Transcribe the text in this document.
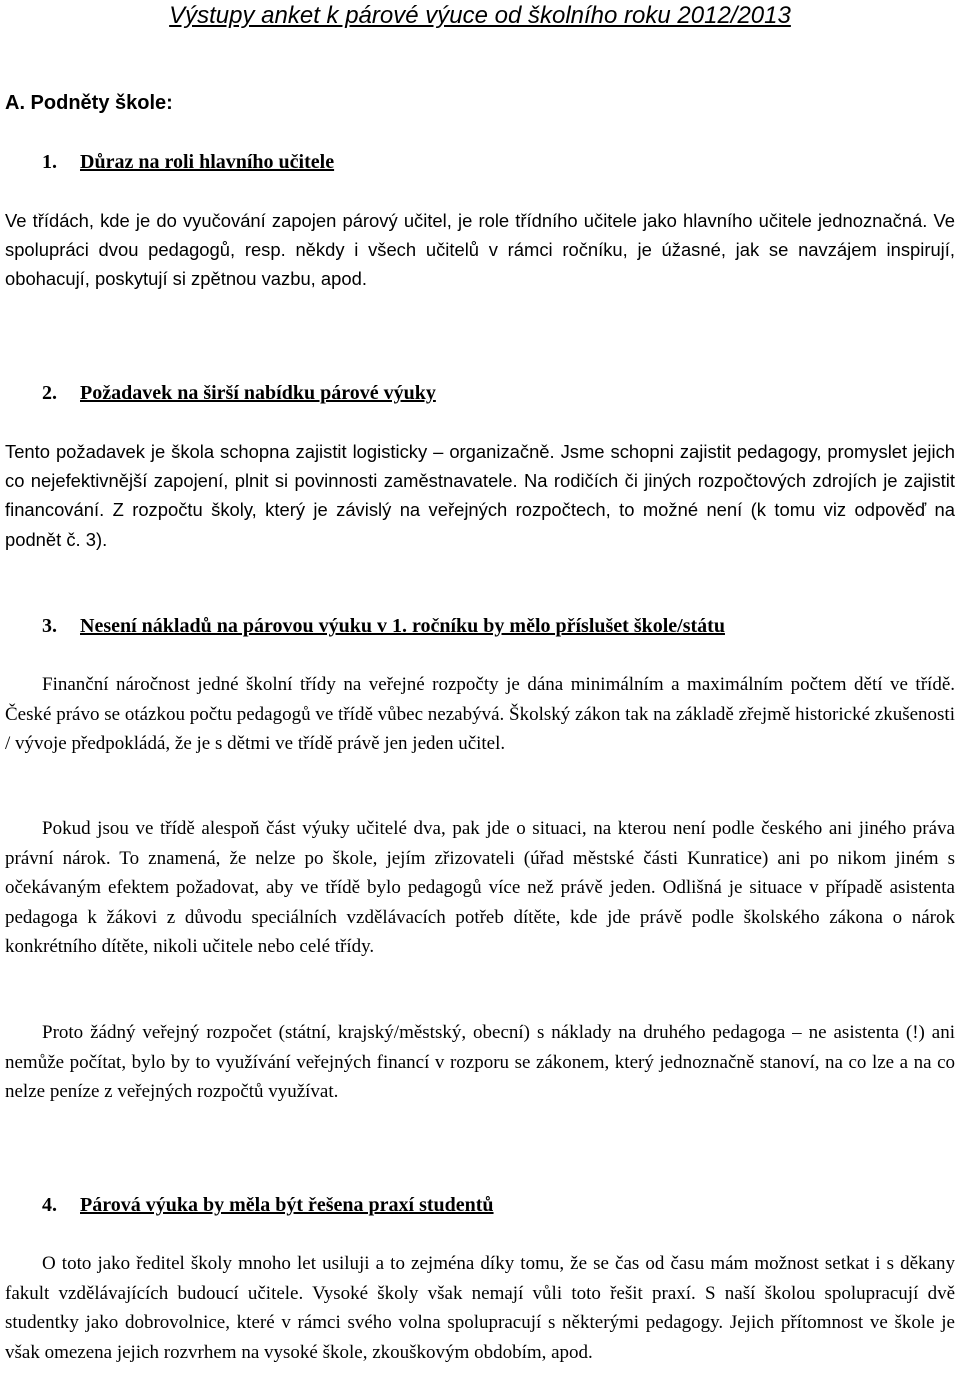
Výstupy anket k párové výuce od školního roku 2012/2013
A. Podněty škole:
1. Důraz na roli hlavního učitele
Ve třídách, kde je do vyučování zapojen párový učitel, je role třídního učitele jako hlavního učitele jednoznačná. Ve spolupráci dvou pedagogů, resp. někdy i všech učitelů v rámci ročníku, je úžasné, jak se navzájem inspirují, obohacují, poskytují si zpětnou vazbu, apod.
2. Požadavek na širší nabídku párové výuky
Tento požadavek je škola schopna zajistit logisticky – organizačně. Jsme schopni zajistit pedagogy, promyslet jejich co nejefektivnější zapojení, plnit si povinnosti zaměstnavatele. Na rodičích či jiných rozpočtových zdrojích je zajistit financování. Z rozpočtu školy, který je závislý na veřejných rozpočtech, to možné není (k tomu viz odpověď na podnět č. 3).
3. Nesení nákladů na párovou výuku v 1. ročníku by mělo příslušet škole/státu
Finanční náročnost jedné školní třídy na veřejné rozpočty je dána minimálním a maximálním počtem dětí ve třídě. České právo se otázkou počtu pedagogů ve třídě vůbec nezabývá. Školský zákon tak na základě zřejmě historické zkušenosti / vývoje předpokládá, že je s dětmi ve třídě právě jen jeden učitel.
Pokud jsou ve třídě alespoň část výuky učitelé dva, pak jde o situaci, na kterou není podle českého ani jiného práva právní nárok. To znamená, že nelze po škole, jejím zřizovateli (úřad městské části Kunratice) ani po nikom jiném s očekávaným efektem požadovat, aby ve třídě bylo pedagogů více než právě jeden. Odlišná je situace v případě asistenta pedagoga k žákovi z důvodu speciálních vzdělávacích potřeb dítěte, kde jde právě podle školského zákona o nárok konkrétního dítěte, nikoli učitele nebo celé třídy.
Proto žádný veřejný rozpočet (státní, krajský/městský, obecní) s náklady na druhého pedagoga – ne asistenta (!) ani nemůže počítat, bylo by to využívání veřejných financí v rozporu se zákonem, který jednoznačně stanoví, na co lze a na co nelze peníze z veřejných rozpočtů využívat.
4. Párová výuka by měla být řešena praxí studentů
O toto jako ředitel školy mnoho let usiluji a to zejména díky tomu, že se čas od času mám možnost setkat i s děkany fakult vzdělávajících budoucí učitele. Vysoké školy však nemají vůli toto řešit praxí. S naší školou spolupracují dvě studentky jako dobrovolnice, které v rámci svého volna spolupracují s některými pedagogy. Jejich přítomnost ve škole je však omezena jejich rozvrhem na vysoké škole, zkouškovým obdobím, apod.
